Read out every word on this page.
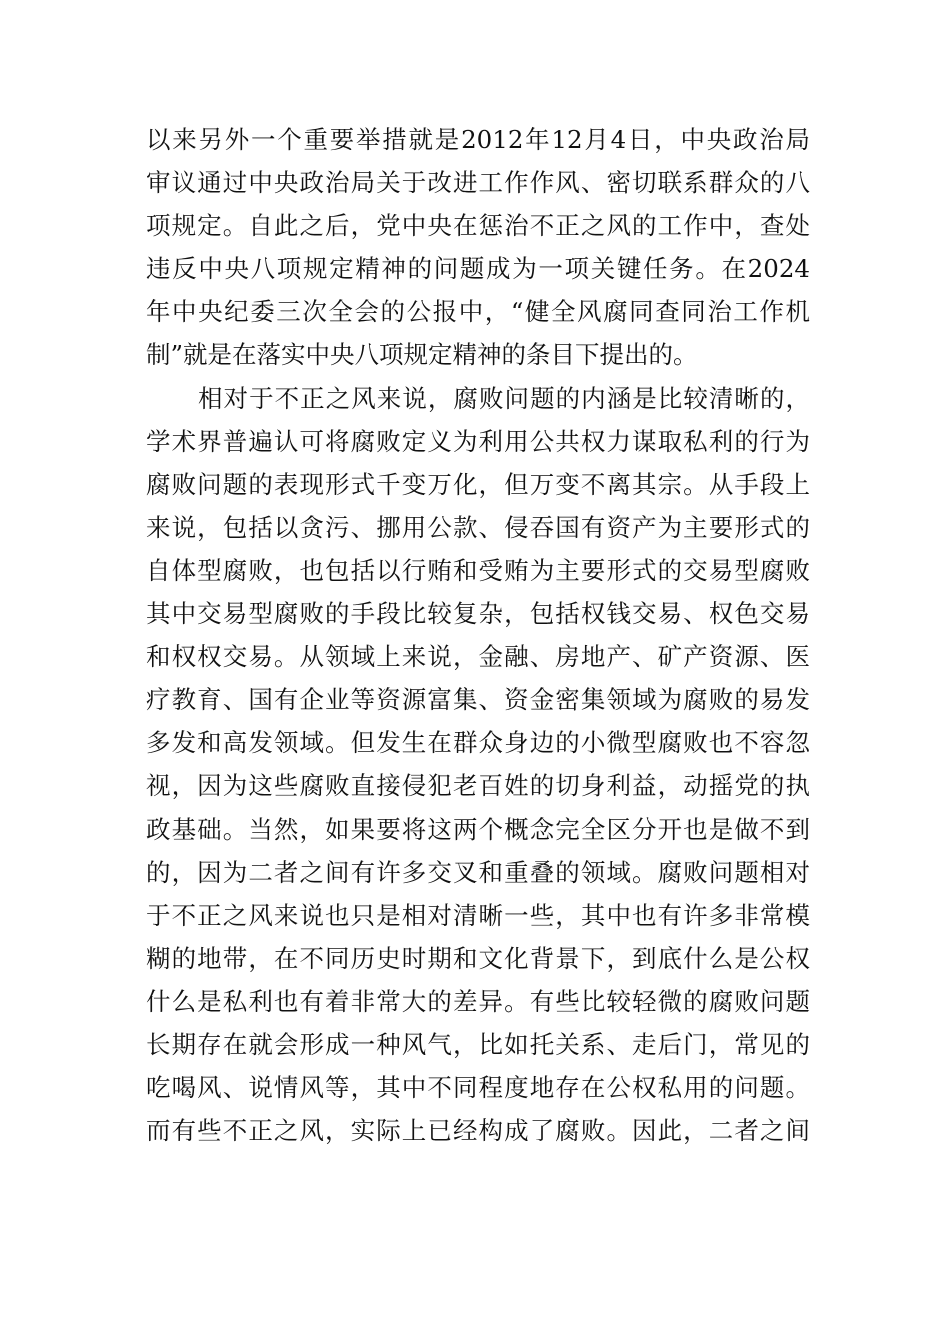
以来另外一个重要举措就是2012年12月4日，中央政治局
审议通过中央政治局关于改进工作作风、密切联系群众的八
项规定。自此之后，党中央在惩治不正之风的工作中，查处
违反中央八项规定精神的问题成为一项关键任务。在2024
年中央纪委三次全会的公报中，“健全风腐同查同治工作机
制”就是在落实中央八项规定精神的条目下提出的。
相对于不正之风来说，腐败问题的内涵是比较清晰的，
学术界普遍认可将腐败定义为利用公共权力谋取私利的行为
腐败问题的表现形式千变万化，但万变不离其宗。从手段上
来说，包括以贪污、挪用公款、侵吞国有资产为主要形式的
自体型腐败，也包括以行贿和受贿为主要形式的交易型腐败
其中交易型腐败的手段比较复杂，包括权钱交易、权色交易
和权权交易。从领域上来说，金融、房地产、矿产资源、医
疗教育、国有企业等资源富集、资金密集领域为腐败的易发
多发和高发领域。但发生在群众身边的小微型腐败也不容忽
视，因为这些腐败直接侵犯老百姓的切身利益，动摇党的执
政基础。当然，如果要将这两个概念完全区分开也是做不到
的，因为二者之间有许多交叉和重叠的领域。腐败问题相对
于不正之风来说也只是相对清晰一些，其中也有许多非常模
糊的地带，在不同历史时期和文化背景下，到底什么是公权
什么是私利也有着非常大的差异。有些比较轻微的腐败问题
长期存在就会形成一种风气，比如托关系、走后门，常见的
吃喝风、说情风等，其中不同程度地存在公权私用的问题。
而有些不正之风，实际上已经构成了腐败。因此，二者之间
